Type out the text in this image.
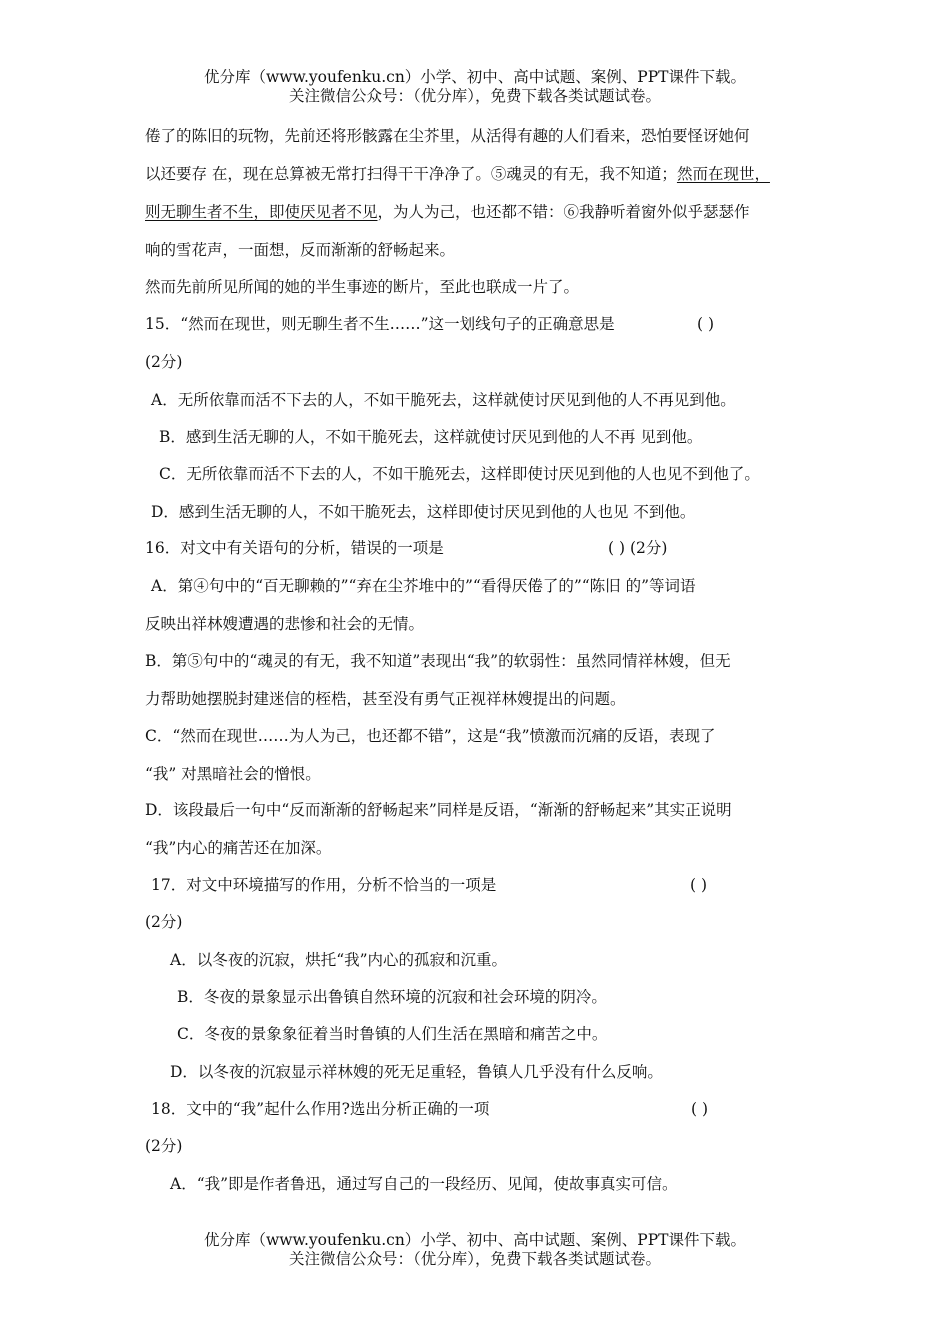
优分库（www.youfenku.cn）小学、初中、高中试题、案例、PPT课件下载。
关注微信公众号：（优分库），免费下载各类试题试卷。
倦了的陈旧的玩物，先前还将形骸露在尘芥里，从活得有趣的人们看来，恐怕要怪讶她何
以还要存 在，现在总算被无常打扫得干干净净了。⑤魂灵的有无，我不知道；然而在现世，
则无聊生者不生，即使厌见者不见，为人为己，也还都不错：⑥我静听着窗外似乎瑟瑟作
响的雪花声，一面想，反而渐渐的舒畅起来。
然而先前所见所闻的她的半生事迹的断片，至此也联成一片了。
15．“然而在现世，则无聊生者不生……”这一划线句子的正确意思是	( )
(2分)
A．无所依靠而活不下去的人，不如干脆死去，这样就使讨厌见到他的人不再见到他。
B．感到生活无聊的人，不如干脆死去，这样就使讨厌见到他的人不再 见到他。
C．无所依靠而活不下去的人，不如干脆死去，这样即使讨厌见到他的人也见不到他了。
D．感到生活无聊的人，不如干脆死去，这样即使讨厌见到他的人也见 不到他。
16．对文中有关语句的分析，错误的一项是	( ) (2分)
A．第④句中的“百无聊赖的”“弃在尘芥堆中的”“看得厌倦了的”“陈旧 的”等词语
反映出祥林嫂遭遇的悲惨和社会的无情。
B．第⑤句中的“魂灵的有无，我不知道”表现出“我”的软弱性：虽然同情祥林嫂，但无
力帮助她摆脱封建迷信的桎梏，甚至没有勇气正视祥林嫂提出的问题。
C．“然而在现世……为人为己，也还都不错”，这是“我”愤激而沉痛的反语，表现了
“我” 对黑暗社会的憎恨。
D．该段最后一句中“反而渐渐的舒畅起来”同样是反语，“渐渐的舒畅起来”其实正说明
“我”内心的痛苦还在加深。
17．对文中环境描写的作用，分析不恰当的一项是	( )
(2分)
A．以冬夜的沉寂，烘托“我”内心的孤寂和沉重。
B．冬夜的景象显示出鲁镇自然环境的沉寂和社会环境的阴冷。
C．冬夜的景象象征着当时鲁镇的人们生活在黑暗和痛苦之中。
D．以冬夜的沉寂显示祥林嫂的死无足重轻，鲁镇人几乎没有什么反响。
18．文中的“我”起什么作用?选出分析正确的一项	( )
(2分)
A．“我”即是作者鲁迅，通过写自己的一段经历、见闻，使故事真实可信。
优分库（www.youfenku.cn）小学、初中、高中试题、案例、PPT课件下载。
关注微信公众号：（优分库），免费下载各类试题试卷。
